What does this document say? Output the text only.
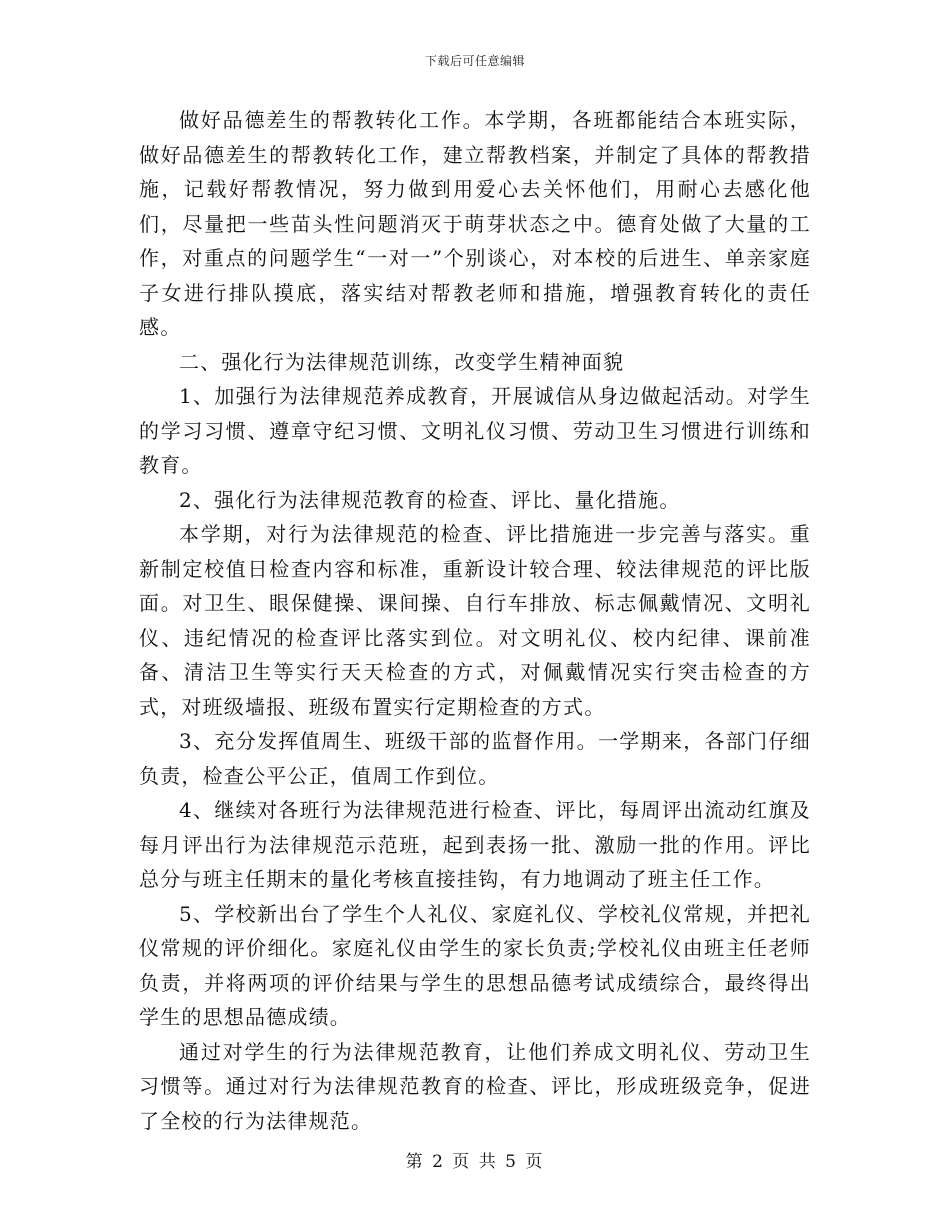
下载后可任意编辑

做好品德差生的帮教转化工作。本学期，各班都能结合本班实际，做好品德差生的帮教转化工作，建立帮教档案，并制定了具体的帮教措施，记载好帮教情况，努力做到用爱心去关怀他们，用耐心去感化他们，尽量把一些苗头性问题消灭于萌芽状态之中。德育处做了大量的工作，对重点的问题学生“一对一”个别谈心，对本校的后进生、单亲家庭子女进行排队摸底，落实结对帮教老师和措施，增强教育转化的责任感。

二、强化行为法律规范训练，改变学生精神面貌

1、加强行为法律规范养成教育，开展诚信从身边做起活动。对学生的学习习惯、遵章守纪习惯、文明礼仪习惯、劳动卫生习惯进行训练和教育。

2、强化行为法律规范教育的检查、评比、量化措施。

本学期，对行为法律规范的检查、评比措施进一步完善与落实。重新制定校值日检查内容和标准，重新设计较合理、较法律规范的评比版面。对卫生、眼保健操、课间操、自行车排放、标志佩戴情况、文明礼仪、违纪情况的检查评比落实到位。对文明礼仪、校内纪律、课前准备、清洁卫生等实行天天检查的方式，对佩戴情况实行突击检查的方式，对班级墙报、班级布置实行定期检查的方式。

3、充分发挥值周生、班级干部的监督作用。一学期来，各部门仔细负责，检查公平公正，值周工作到位。

4、继续对各班行为法律规范进行检查、评比，每周评出流动红旗及每月评出行为法律规范示范班，起到表扬一批、激励一批的作用。评比总分与班主任期末的量化考核直接挂钩，有力地调动了班主任工作。

5、学校新出台了学生个人礼仪、家庭礼仪、学校礼仪常规，并把礼仪常规的评价细化。家庭礼仪由学生的家长负责;学校礼仪由班主任老师负责，并将两项的评价结果与学生的思想品德考试成绩综合，最终得出学生的思想品德成绩。

通过对学生的行为法律规范教育，让他们养成文明礼仪、劳动卫生习惯等。通过对行为法律规范教育的检查、评比，形成班级竞争，促进了全校的行为法律规范。

第 2 页 共 5 页
